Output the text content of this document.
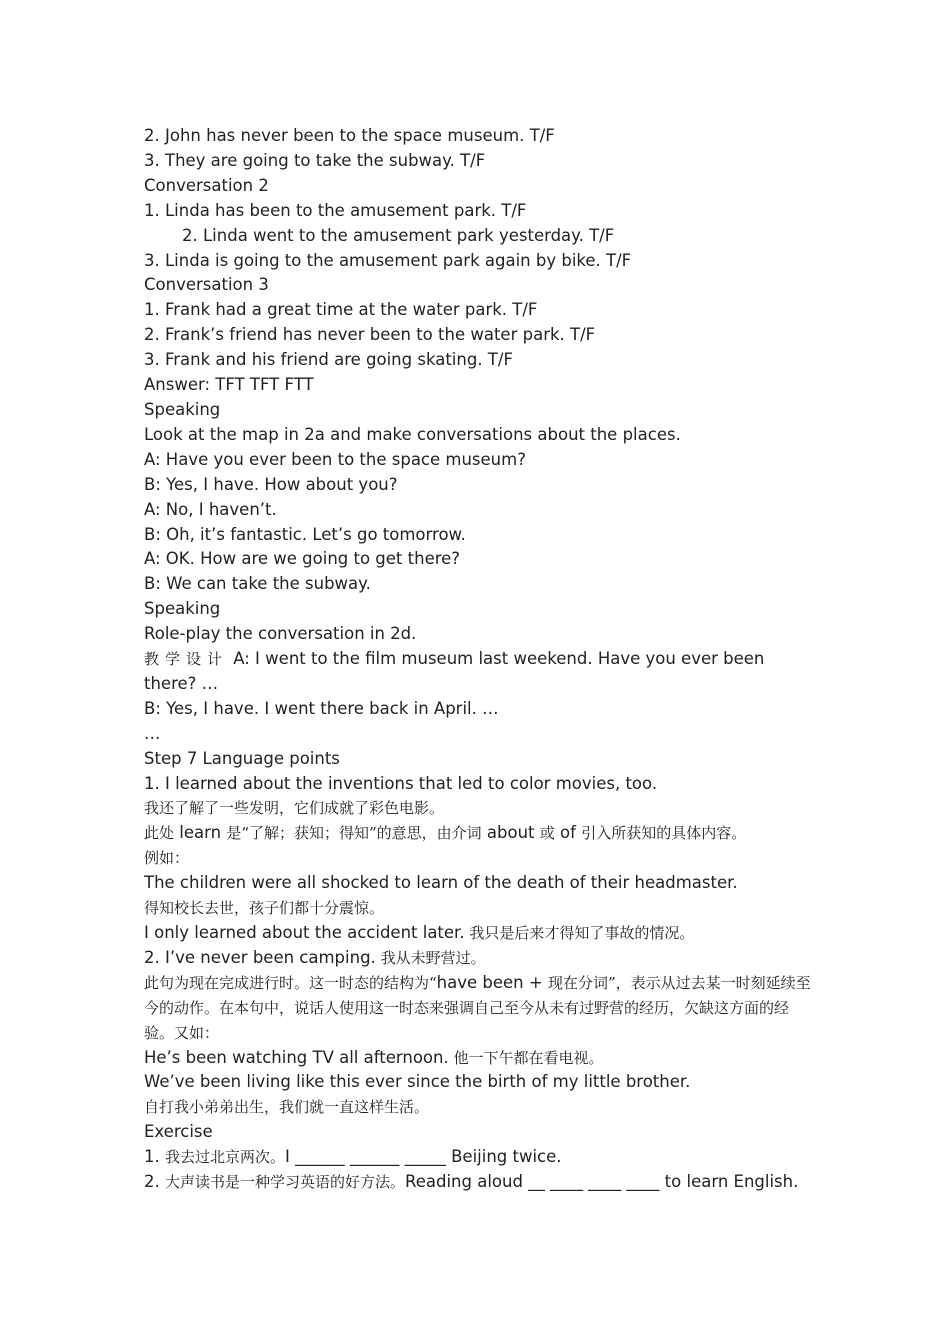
2. John has never been to the space museum. T/F
3. They are going to take the subway. T/F
Conversation 2
1. Linda has been to the amusement park. T/F
2. Linda went to the amusement park yesterday. T/F
3. Linda is going to the amusement park again by bike. T/F
Conversation 3
1. Frank had a great time at the water park. T/F
2. Frank’s friend has never been to the water park. T/F
3. Frank and his friend are going skating. T/F
Answer: TFT TFT FTT
Speaking
Look at the map in 2a and make conversations about the places.
A: Have you ever been to the space museum?
B: Yes, I have. How about you?
A: No, I haven’t.
B: Oh, it’s fantastic. Let’s go tomorrow.
A: OK. How are we going to get there?
B: We can take the subway.
Speaking
Role-play the conversation in 2d.
教学设计 A: I went to the film museum last weekend. Have you ever been there? …
B: Yes, I have. I went there back in April. …
…
Step 7 Language points
1. I learned about the inventions that led to color movies, too.
我还了解了一些发明，它们成就了彩色电影。
此处 learn 是“了解；获知；得知”的意思，由介词 about 或 of 引入所获知的具体内容。
例如：
The children were all shocked to learn of the death of their headmaster.
得知校长去世，孩子们都十分震惊。
I only learned about the accident later. 我只是后来才得知了事故的情况。
2. I’ve never been camping. 我从未野营过。
此句为现在完成进行时。这一时态的结构为“have been + 现在分词”，表示从过去某一时刻延续至今的动作。在本句中，说话人使用这一时态来强调自己至今从未有过野营的经历，欠缺这方面的经验。又如：
He’s been watching TV all afternoon. 他一下午都在看电视。
We’ve been living like this ever since the birth of my little brother.
自打我小弟弟出生，我们就一直这样生活。
Exercise
1. 我去过北京两次。I ______ ______ _____ Beijing twice.
2. 大声读书是一种学习英语的好方法。Reading aloud __ ____ ____ ____ to learn English.
